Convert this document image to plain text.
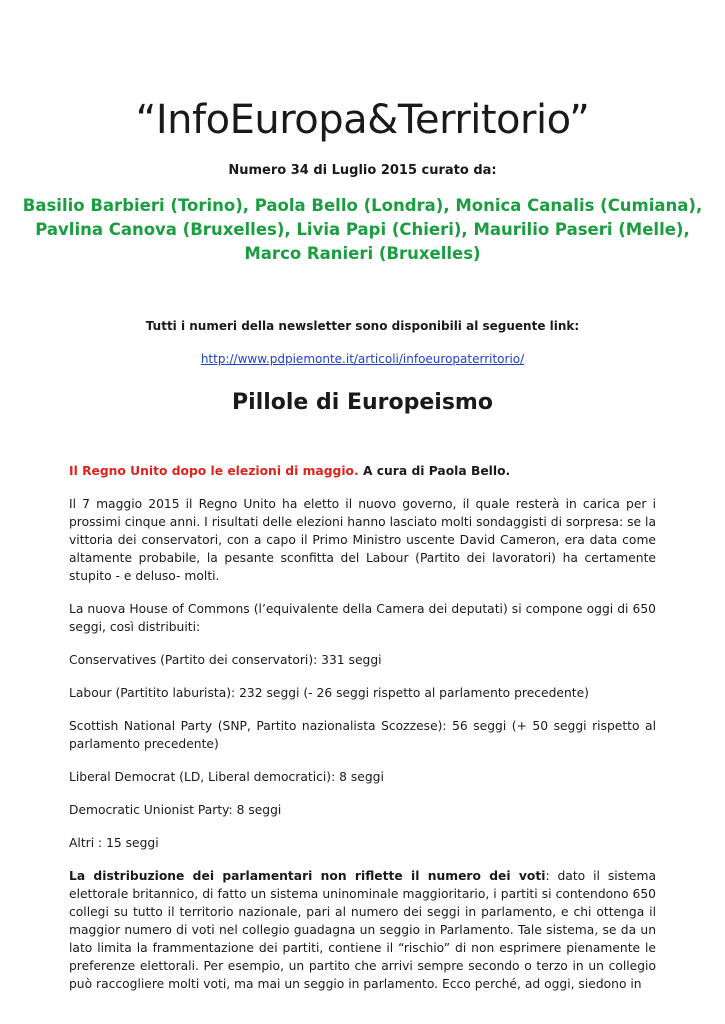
“InfoEuropa&Territorio”
Numero 34 di Luglio 2015 curato da:
Basilio Barbieri (Torino), Paola Bello (Londra), Monica Canalis (Cumiana),
Pavlina Canova (Bruxelles), Livia Papi (Chieri), Maurilio Paseri (Melle),
Marco Ranieri (Bruxelles)
Tutti i numeri della newsletter sono disponibili al seguente link:
http://www.pdpiemonte.it/articoli/infoeuropaterritorio/
Pillole di Europeismo

Il Regno Unito dopo le elezioni di maggio. A cura di Paola Bello.

Il 7 maggio 2015 il Regno Unito ha eletto il nuovo governo, il quale resterà in carica per i prossimi cinque anni. I risultati delle elezioni hanno lasciato molti sondaggisti di sorpresa: se la vittoria dei conservatori, con a capo il Primo Ministro uscente David Cameron, era data come altamente probabile, la pesante sconfitta del Labour (Partito dei lavoratori) ha certamente stupito - e deluso- molti.

La nuova House of Commons (l’equivalente della Camera dei deputati) si compone oggi di 650 seggi, così distribuiti:

Conservatives (Partito dei conservatori): 331 seggi

Labour (Partitito laburista): 232 seggi (- 26 seggi rispetto al parlamento precedente)

Scottish National Party (SNP, Partito nazionalista Scozzese): 56 seggi (+ 50 seggi rispetto al parlamento precedente)

Liberal Democrat (LD, Liberal democratici): 8 seggi

Democratic Unionist Party: 8 seggi

Altri : 15 seggi

La distribuzione dei parlamentari non riflette il numero dei voti: dato il sistema elettorale britannico, di fatto un sistema uninominale maggioritario, i partiti si contendono 650 collegi su tutto il territorio nazionale, pari al numero dei seggi in parlamento, e chi ottenga il maggior numero di voti nel collegio guadagna un seggio in Parlamento. Tale sistema, se da un lato limita la frammentazione dei partiti, contiene il “rischio” di non esprimere pienamente le preferenze elettorali. Per esempio, un partito che arrivi sempre secondo o terzo in un collegio può raccogliere molti voti, ma mai un seggio in parlamento. Ecco perché, ad oggi, siedono in
